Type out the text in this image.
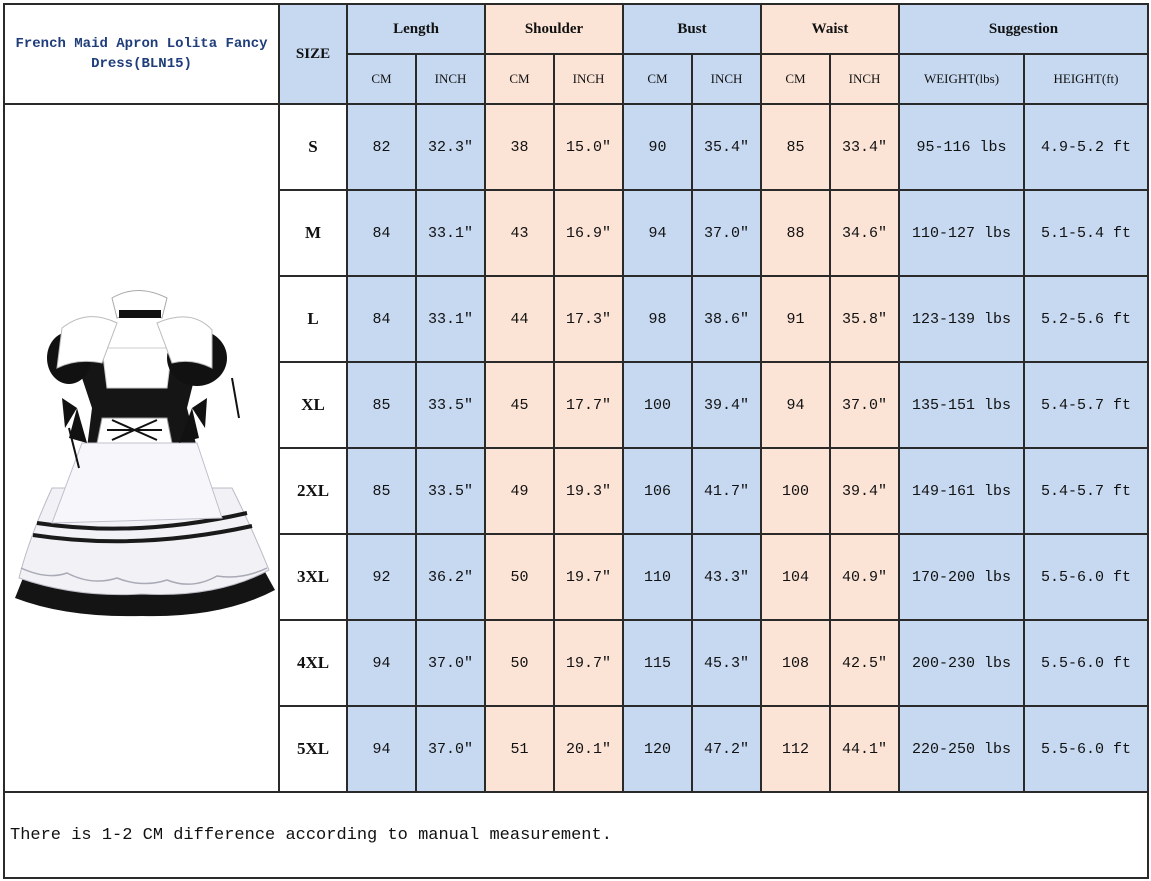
French Maid Apron Lolita Fancy Dress(BLN15)	SIZE	Length		Shoulder		Bust		Waist		Suggestion	
		CM	INCH	CM	INCH	CM	INCH	CM	INCH	WEIGHT(lbs)	HEIGHT(ft)

	S	82	32.3″	38	15.0″	90	35.4″	85	33.4″	95-116 lbs	4.9-5.2 ft
	M	84	33.1″	43	16.9″	94	37.0″	88	34.6″	110-127 lbs	5.1-5.4 ft
	L	84	33.1″	44	17.3″	98	38.6″	91	35.8″	123-139 lbs	5.2-5.6 ft
	XL	85	33.5″	45	17.7″	100	39.4″	94	37.0″	135-151 lbs	5.4-5.7 ft
	2XL	85	33.5″	49	19.3″	106	41.7″	100	39.4″	149-161 lbs	5.4-5.7 ft
	3XL	92	36.2″	50	19.7″	110	43.3″	104	40.9″	170-200 lbs	5.5-6.0 ft
	4XL	94	37.0″	50	19.7″	115	45.3″	108	42.5″	200-230 lbs	5.5-6.0 ft
	5XL	94	37.0″	51	20.1″	120	47.2″	112	44.1″	220-250 lbs	5.5-6.0 ft
There is 1-2 CM difference according to manual measurement.											
